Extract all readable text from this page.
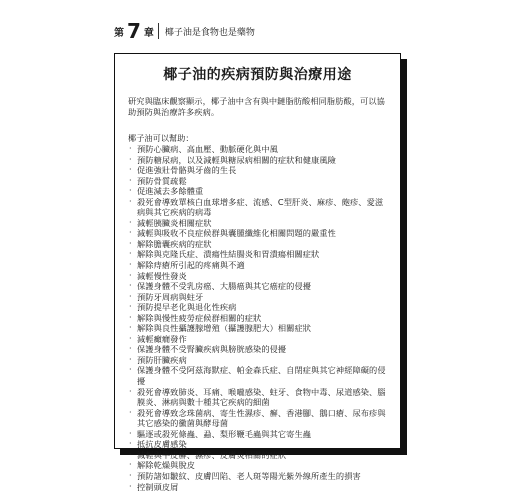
第 7 章 椰子油是食物也是藥物
椰子油的疾病預防與治療用途

研究與臨床觀察顯示，椰子油中含有與中鏈脂肪酸相同脂肪酸，可以協助預防與治療許多疾病。

椰子油可以幫助：
‧ 預防心臟病、高血壓、動脈硬化與中風
‧ 預防糖尿病，以及減輕與糖尿病相關的症狀和健康風險
‧ 促進強壯骨骼與牙齒的生長
‧ 預防骨質疏鬆
‧ 促進減去多餘體重
‧ 殺死會導致單核白血球增多症、流感、C型肝炎、麻疹、皰疹、愛滋病與其它疾病的病毒
‧ 減輕胰臟炎相關症狀
‧ 減輕與吸收不良症候群與囊腫纖維化相關問題的嚴重性
‧ 解除膽囊疾病的症狀
‧ 解除與克隆氏症、潰瘍性結腸炎和胃潰瘍相關症狀
‧ 解除痔瘡所引起的疼痛與不適
‧ 減輕慢性發炎
‧ 保護身體不受乳房癌、大腸癌與其它癌症的侵擾
‧ 預防牙周病與蛀牙
‧ 預防提早老化與退化性疾病
‧ 解除與慢性疲勞症候群相關的症狀
‧ 解除與良性攝護腺增殖（攝護腺肥大）相關症狀
‧ 減輕癲癇發作
‧ 保護身體不受腎臟疾病與膀胱感染的侵擾
‧ 預防肝臟疾病
‧ 保護身體不受阿茲海默症、帕金森氏症、自閉症與其它神經障礙的侵擾
‧ 殺死會導致肺炎、耳痛、喉嚨感染、蛀牙、食物中毒、尿道感染、腦膜炎、淋病與數十種其它疾病的細菌
‧ 殺死會導致念珠菌病、寄生性濕疹、癬、香港腳、鵝口瘡、尿布疹與其它感染的黴菌與酵母菌
‧ 驅逐或殺死條蟲、蝨、梨形鞭毛蟲與其它寄生蟲
‧ 抵抗皮膚感染
‧ 減輕與牛皮癬、濕疹、皮膚炎相關的症狀
‧ 解除乾燥與脫皮
‧ 預防諸如皺紋、皮膚凹陷、老人斑等陽光紫外線所產生的損害
‧ 控制頭皮屑
